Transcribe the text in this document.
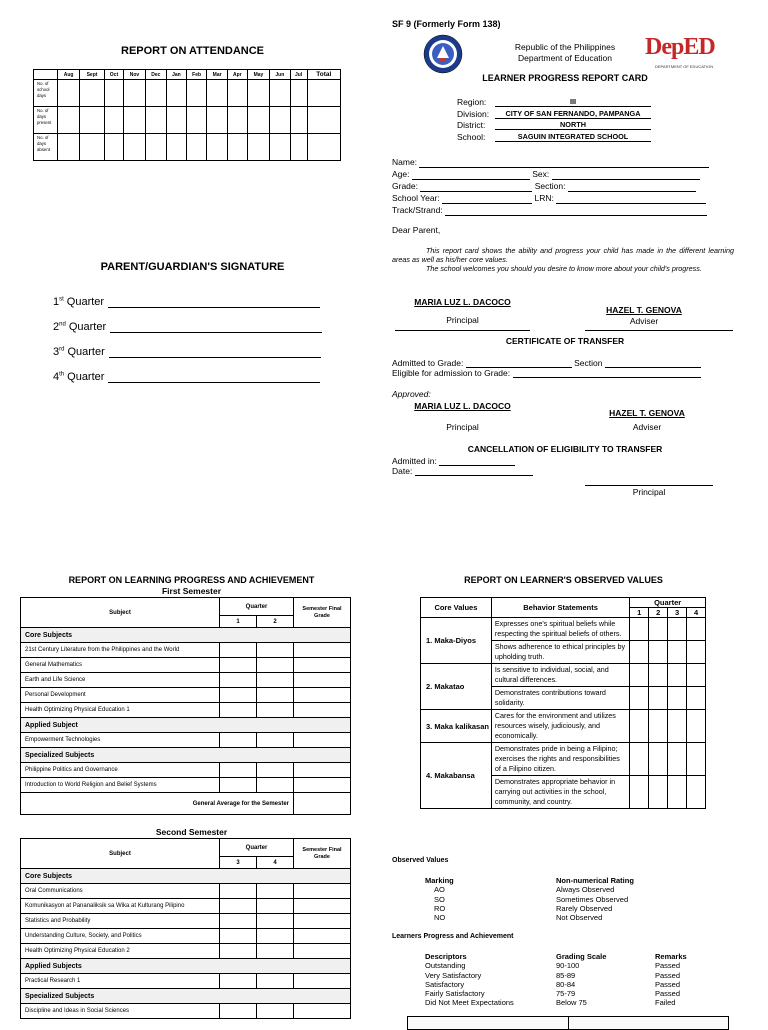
REPORT ON ATTENDANCE
	Aug	Sept	Oct	Nov	Dec	Jan	Feb	Mar	Apr	May	Jun	Jul	Total
No. of school days													
No. of days present													
No. of days absent													
PARENT/GUARDIAN'S SIGNATURE
1st Quarter
2nd Quarter
3rd Quarter
4th Quarter
SF 9 (Formerly Form 138)
Republic of the Philippines
Department of Education	DepED
DEPARTMENT OF EDUCATION
LEARNER PROGRESS REPORT CARD
Region:	III
Division: CITY OF SAN FERNANDO, PAMPANGA
District:	NORTH
School:	SAGUIN INTEGRATED SCHOOL
Name:
Age:	Sex:
Grade:	Section:
School Year:	LRN:
Track/Strand:
Dear Parent,
This report card shows the ability and progress your child has made in the different learning areas as well as his/her core values.
The school welcomes you should you desire to know more about your child's progress.
MARIA LUZ L. DACOCO
Principal
HAZEL T. GENOVA
Adviser
CERTIFICATE OF TRANSFER
Admitted to Grade:	Section
Eligible for admission to Grade:
Approved:
MARIA LUZ L. DACOCO
Principal
HAZEL T. GENOVA
Adviser
CANCELLATION OF ELIGIBILITY TO TRANSFER
Admitted in:
Date:
Principal
REPORT ON LEARNING PROGRESS AND ACHIEVEMENT
First Semester
Subject	Quarter		Semester Final Grade
	1	2	
Core Subjects			
21st Century Literature from the Philippines and the World			
General Mathematics			
Earth and Life Science			
Personal Development			
Health Optimizing Physical Education 1			
Applied Subject			
Empowerment Technologies			
Specialized Subjects			
Philippine Politics and Governance			
Introduction to World Religion and Belief Systems			
General Average for the Semester			
Second Semester
Subject	Quarter		Semester Final Grade
	3	4	
Core Subjects			
Oral Communications			
Komunikasyon at Pananaliksik sa Wika at Kulturang Pilipino			
Statistics and Probability			
Understanding Culture, Society, and Politics			
Health Optimizing Physical Education 2			
Applied Subjects			
Practical Research 1			
Specialized Subjects			
Discipline and Ideas in Social Sciences			
REPORT ON LEARNER'S OBSERVED VALUES
Core Values	Behavior Statements	Quarter			
		1	2	3	4
1. Maka-Diyos	Expresses one's spiritual beliefs while respecting the spiritual beliefs of others.				
	Shows adherence to ethical principles by upholding truth.				
2. Makatao	Is sensitive to individual, social, and cultural differences.				
	Demonstrates contributions toward solidarity.				
3. Maka kalikasan	Cares for the environment and utilizes resources wisely, judiciously, and economically.				
4. Makabansa	Demonstrates pride in being a Filipino; exercises the rights and responsibilities of a Filipino citizen.				
	Demonstrates appropriate behavior in carrying out activities in the school, community, and country.				
Observed Values
Marking	Non-numerical Rating
AO	Always Observed
SO	Sometimes Observed
RO	Rarely Observed
NO	Not Observed
Learners Progress and Achievement
Descriptors	Grading Scale	Remarks
Outstanding	90-100	Passed
Very Satisfactory	85-89	Passed
Satisfactory	80-84	Passed
Fairly Satisfactory	75-79	Passed
Did Not Meet Expectations	Below 75	Failed
